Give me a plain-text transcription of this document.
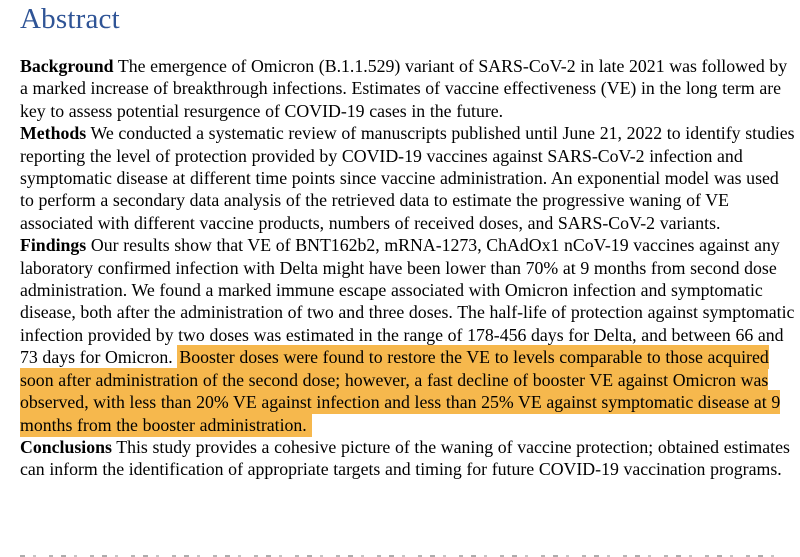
Abstract

Background The emergence of Omicron (B.1.1.529) variant of SARS-CoV-2 in late 2021 was followed by a marked increase of breakthrough infections. Estimates of vaccine effectiveness (VE) in the long term are key to assess potential resurgence of COVID-19 cases in the future.

Methods We conducted a systematic review of manuscripts published until June 21, 2022 to identify studies reporting the level of protection provided by COVID-19 vaccines against SARS-CoV-2 infection and symptomatic disease at different time points since vaccine administration. An exponential model was used to perform a secondary data analysis of the retrieved data to estimate the progressive waning of VE associated with different vaccine products, numbers of received doses, and SARS-CoV-2 variants.

Findings Our results show that VE of BNT162b2, mRNA-1273, ChAdOx1 nCoV-19 vaccines against any laboratory confirmed infection with Delta might have been lower than 70% at 9 months from second dose administration. We found a marked immune escape associated with Omicron infection and symptomatic disease, both after the administration of two and three doses. The half-life of protection against symptomatic infection provided by two doses was estimated in the range of 178-456 days for Delta, and between 66 and 73 days for Omicron. Booster doses were found to restore the VE to levels comparable to those acquired soon after administration of the second dose; however, a fast decline of booster VE against Omicron was observed, with less than 20% VE against infection and less than 25% VE against symptomatic disease at 9 months from the booster administration.

Conclusions This study provides a cohesive picture of the waning of vaccine protection; obtained estimates can inform the identification of appropriate targets and timing for future COVID-19 vaccination programs.
